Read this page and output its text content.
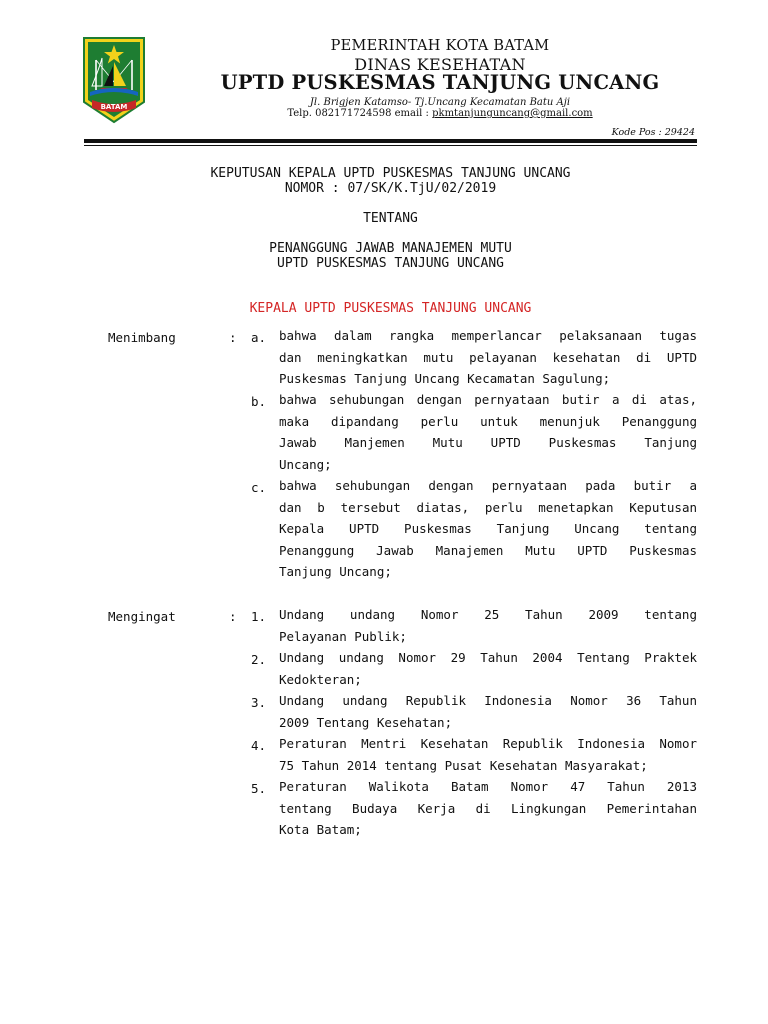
BATAM
PEMERINTAH KOTA BATAM
DINAS KESEHATAN
UPTD PUSKESMAS TANJUNG UNCANG
Jl. Brigjen Katamso- Tj.Uncang Kecamatan Batu Aji
Telp. 082171724598 email : pkmtanjunguncang@gmail.com
Kode Pos : 29424
KEPUTUSAN KEPALA UPTD PUSKESMAS TANJUNG UNCANG
NOMOR : 07/SK/K.TjU/02/2019
TENTANG
PENANGGUNG JAWAB MANAJEMEN MUTU
UPTD PUSKESMAS TANJUNG UNCANG
KEPALA UPTD PUSKESMAS TANJUNG UNCANG
Menimbang	: a. bahwa dalam rangka memperlancar pelaksanaan tugas
dan meningkatkan mutu pelayanan kesehatan di UPTD
Puskesmas Tanjung Uncang Kecamatan Sagulung;
b. bahwa sehubungan dengan pernyataan butir a di atas,
maka dipandang perlu untuk menunjuk Penanggung
Jawab Manjemen Mutu UPTD Puskesmas Tanjung
Uncang;
c. bahwa sehubungan dengan pernyataan pada butir a
dan b tersebut diatas, perlu menetapkan Keputusan
Kepala UPTD Puskesmas Tanjung Uncang tentang
Penanggung Jawab Manajemen Mutu UPTD Puskesmas
Tanjung Uncang;
Mengingat	: 1. Undang undang Nomor 25 Tahun 2009 tentang
Pelayanan Publik;
2. Undang undang Nomor 29 Tahun 2004 Tentang Praktek
Kedokteran;
3. Undang undang Republik Indonesia Nomor 36 Tahun
2009 Tentang Kesehatan;
4. Peraturan Mentri Kesehatan Republik Indonesia Nomor
75 Tahun 2014 tentang Pusat Kesehatan Masyarakat;
5. Peraturan Walikota Batam Nomor 47 Tahun 2013
tentang Budaya Kerja di Lingkungan Pemerintahan
Kota Batam;
